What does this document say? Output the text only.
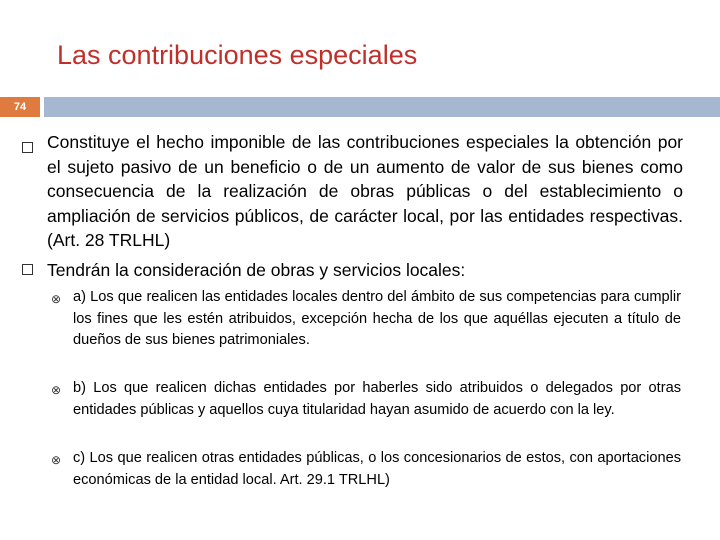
Las contribuciones especiales
74
Constituye el hecho imponible de las contribuciones especiales la obtención por el sujeto pasivo de un beneficio o de un aumento de valor de sus bienes como consecuencia de la realización de obras públicas o del establecimiento o ampliación de servicios públicos, de carácter local, por las entidades respectivas. (Art. 28 TRLHL)
Tendrán la consideración de obras y servicios locales:
⊗ a) Los que realicen las entidades locales dentro del ámbito de sus competencias para cumplir los fines que les estén atribuidos, excepción hecha de los que aquéllas ejecuten a título de dueños de sus bienes patrimoniales.
⊗ b) Los que realicen dichas entidades por haberles sido atribuidos o delegados por otras entidades públicas y aquellos cuya titularidad hayan asumido de acuerdo con la ley.
⊗ c) Los que realicen otras entidades públicas, o los concesionarios de estos, con aportaciones económicas de la entidad local. Art. 29.1 TRLHL)
